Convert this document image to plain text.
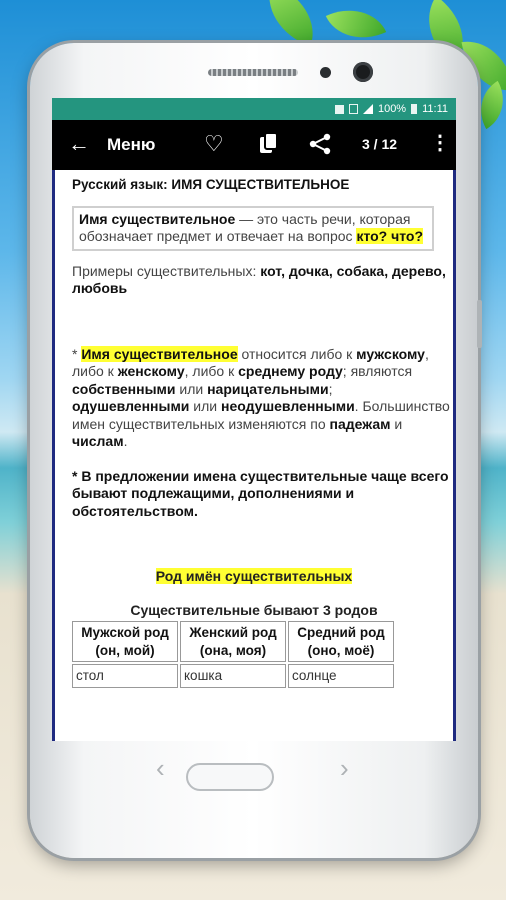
100% 11:11
← Меню ♡	3 / 12 ⋮
Русский язык: ИМЯ СУЩЕСТВИТЕЛЬНОЕ
Имя существительное — это часть речи, которая обозначает предмет и отвечает на вопрос кто? что?
Примеры существительных: кот, дочка, собака, дерево, любовь
* Имя существительное относится либо к мужскому, либо к женскому, либо к среднему роду; являются собственными или нарицательными; одушевленными или неодушевленными. Большинство имен существительных изменяются по падежам и числам.
* В предложении имена существительные чаще всего бывают подлежащими, дополнениями и обстоятельством.
Род имён существительных
Существительные бывают 3 родов
Мужской род (он, мой)	Женский род (она, моя)	Средний род (оно, моё)
стол	кошка	солнце
‹	›
